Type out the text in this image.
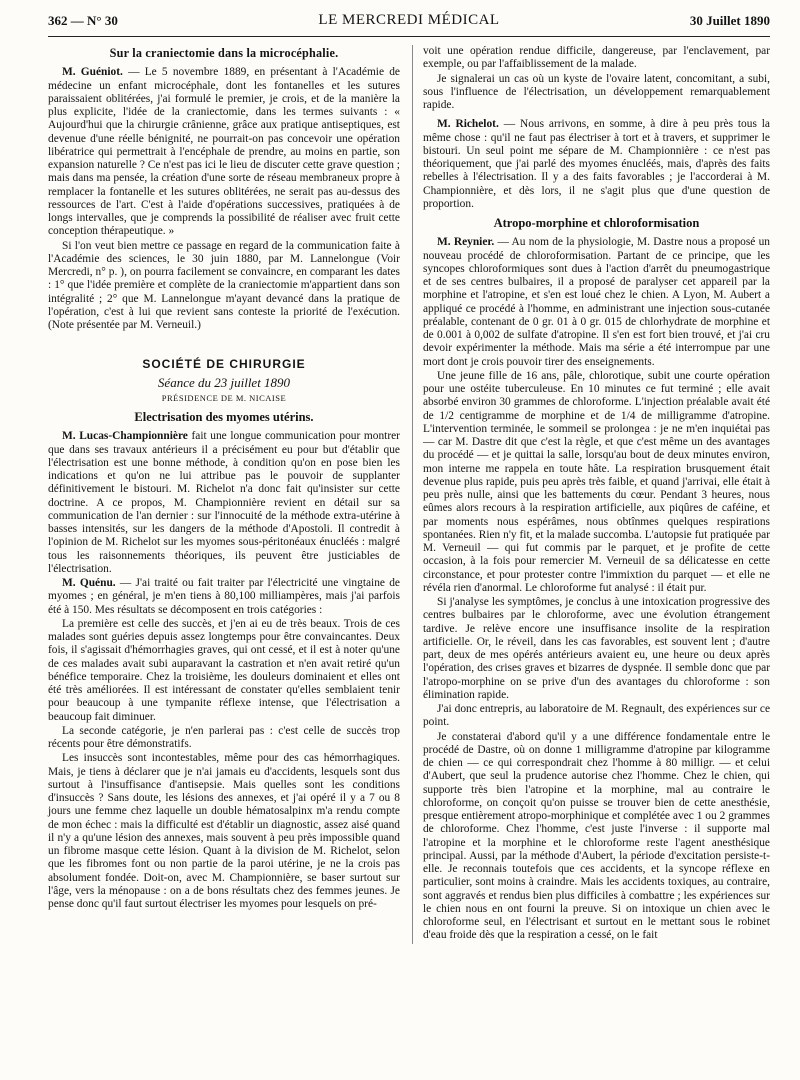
362 — N° 30	LE MERCREDI MÉDICAL	30 Juillet 1890
Sur la craniectomie dans la microcéphalie.

M. Guéniot. — Le 5 novembre 1889, en présentant à l'Académie de médecine un enfant microcéphale, dont les fontanelles et les sutures paraissaient oblitérées, j'ai formulé le premier, je crois, et de la manière la plus explicite, l'idée de la craniectomie, dans les termes suivants : « Aujourd'hui que la chirurgie crânienne, grâce aux pratique antiseptiques, est devenue d'une réelle bénignité, ne pourrait-on pas concevoir une opération libératrice qui permettrait à l'encéphale de prendre, au moins en partie, son expansion naturelle ? Ce n'est pas ici le lieu de discuter cette grave question ; mais dans ma pensée, la création d'une sorte de réseau membraneux propre à remplacer la fontanelle et les sutures oblitérées, ne serait pas au-dessus des ressources de l'art. C'est à l'aide d'opérations successives, pratiquées à de longs intervalles, que je comprends la possibilité de réaliser avec fruit cette conception thérapeutique. »

Si l'on veut bien mettre ce passage en regard de la communication faite à l'Académie des sciences, le 30 juin 1880, par M. Lannelongue (Voir Mercredi, n° p. ), on pourra facilement se convaincre, en comparant les dates : 1° que l'idée première et complète de la craniectomie m'appartient dans son intégralité ; 2° que M. Lannelongue m'ayant devancé dans la pratique de l'opération, c'est à lui que revient sans conteste la priorité de l'exécution. (Note présentée par M. Verneuil.)

SOCIÉTÉ DE CHIRURGIE
Séance du 23 juillet 1890
PRÉSIDENCE DE M. NICAISE
Electrisation des myomes utérins.

M. Lucas-Championnière fait une longue communication pour montrer que dans ses travaux antérieurs il a précisément eu pour but d'établir que l'électrisation est une bonne méthode, à condition qu'on en pose bien les indications et qu'on ne lui attribue pas le pouvoir de supplanter définitivement le bistouri. M. Richelot n'a donc fait qu'insister sur cette doctrine. A ce propos, M. Championnière revient en détail sur sa communication de l'an dernier : sur l'innocuité de la méthode extra-utérine à basses intensités, sur les dangers de la méthode d'Apostoli. Il contredit à l'opinion de M. Richelot sur les myomes sous-péritonéaux énucléés : malgré tous les raisonnements théoriques, ils peuvent être justiciables de l'électrisation.

M. Quénu. — J'ai traité ou fait traiter par l'électricité une vingtaine de myomes ; en général, je m'en tiens à 80,100 milliampères, mais j'ai parfois été à 150. Mes résultats se décomposent en trois catégories :

La première est celle des succès, et j'en ai eu de très beaux. Trois de ces malades sont guéries depuis assez longtemps pour être convaincantes. Deux fois, il s'agissait d'hémorrhagies graves, qui ont cessé, et il est à noter qu'une de ces malades avait subi auparavant la castration et n'en avait retiré qu'un bénéfice temporaire. Chez la troisième, les douleurs dominaient et elles ont été très améliorées. Il est intéressant de constater qu'elles semblaient tenir pour beaucoup à une tympanite réflexe intense, que l'électrisation a beaucoup fait diminuer.

La seconde catégorie, je n'en parlerai pas : c'est celle de succès trop récents pour être démonstratifs.

Les insuccès sont incontestables, même pour des cas hémorrhagiques. Mais, je tiens à déclarer que je n'ai jamais eu d'accidents, lesquels sont dus surtout à l'insuffisance d'antisepsie. Mais quelles sont les conditions d'insuccès ? Sans doute, les lésions des annexes, et j'ai opéré il y a 7 ou 8 jours une femme chez laquelle un double hématosalpinx m'a rendu compte de mon échec : mais la difficulté est d'établir un diagnostic, assez aisé quand il n'y a qu'une lésion des annexes, mais souvent à peu près impossible quand un fibrome masque cette lésion. Quant à la division de M. Richelot, selon que les fibromes font ou non partie de la paroi utérine, je ne la crois pas absolument fondée. Doit-on, avec M. Championnière, se baser surtout sur l'âge, vers la ménopause : on a de bons résultats chez des femmes jeunes. Je pense donc qu'il faut surtout électriser les myomes pour lesquels on pré-

voit une opération rendue difficile, dangereuse, par l'enclavement, par exemple, ou par l'affaiblissement de la malade.

Je signalerai un cas où un kyste de l'ovaire latent, concomitant, a subi, sous l'influence de l'électrisation, un développement remarquablement rapide.

M. Richelot. — Nous arrivons, en somme, à dire à peu près tous la même chose : qu'il ne faut pas électriser à tort et à travers, et supprimer le bistouri. Un seul point me sépare de M. Championnière : ce n'est pas théoriquement, que j'ai parlé des myomes énucléés, mais, d'après des faits rebelles à l'électrisation. Il y a des faits favorables ; je l'accorderai à M. Championnière, et dès lors, il ne s'agit plus que d'une question de proportion.

Atropo-morphine et chloroformisation

M. Reynier. — Au nom de la physiologie, M. Dastre nous a proposé un nouveau procédé de chloroformisation. Partant de ce principe, que les syncopes chloroformiques sont dues à l'action d'arrêt du pneumogastrique et de ses centres bulbaires, il a proposé de paralyser cet appareil par la morphine et l'atropine, et s'en est loué chez le chien. A Lyon, M. Aubert a appliqué ce procédé à l'homme, en administrant une injection sous-cutanée préalable, contenant de 0 gr. 01 à 0 gr. 015 de chlorhydrate de morphine et de 0.001 à 0,002 de sulfate d'atropine. Il s'en est fort bien trouvé, et j'ai cru devoir expérimenter la méthode. Mais ma série a été interrompue par une mort dont je crois pouvoir tirer des enseignements.

Une jeune fille de 16 ans, pâle, chlorotique, subit une courte opération pour une ostéite tuberculeuse. En 10 minutes ce fut terminé ; elle avait absorbé environ 30 grammes de chloroforme. L'injection préalable avait été de 1/2 centigramme de morphine et de 1/4 de milligramme d'atropine. L'intervention terminée, le sommeil se prolongea : je ne m'en inquiétai pas — car M. Dastre dit que c'est la règle, et que c'est même un des avantages du procédé — et je quittai la salle, lorsqu'au bout de deux minutes environ, mon interne me rappela en toute hâte. La respiration brusquement était devenue plus rapide, puis peu après très faible, et quand j'arrivai, elle était à peu près nulle, ainsi que les battements du cœur. Pendant 3 heures, nous eûmes alors recours à la respiration artificielle, aux piqûres de caféine, et par moments nous espérâmes, nous obtînmes quelques respirations spontanées. Rien n'y fit, et la malade succomba. L'autopsie fut pratiquée par M. Verneuil — qui fut commis par le parquet, et je profite de cette occasion, à la fois pour remercier M. Verneuil de sa délicatesse en cette circonstance, et pour protester contre l'immixtion du parquet — et elle ne révéla rien d'anormal. Le chloroforme fut analysé : il était pur.

Si j'analyse les symptômes, je conclus à une intoxication progressive des centres bulbaires par le chloroforme, avec une évolution étrangement tardive. Je relève encore une insuffisance insolite de la respiration artificielle. Or, le réveil, dans les cas favorables, est souvent lent ; d'autre part, deux de mes opérés antérieurs avaient eu, une heure ou deux après l'opération, des crises graves et bizarres de dyspnée. Il semble donc que par l'atropo-morphine on se prive d'un des avantages du chloroforme : son élimination rapide.

J'ai donc entrepris, au laboratoire de M. Regnault, des expériences sur ce point.

Je constaterai d'abord qu'il y a une différence fondamentale entre le procédé de Dastre, où on donne 1 milligramme d'atropine par kilogramme de chien — ce qui correspondrait chez l'homme à 80 milligr. — et celui d'Aubert, que seul la prudence autorise chez l'homme. Chez le chien, qui supporte très bien l'atropine et la morphine, mal au contraire le chloroforme, on conçoit qu'on puisse se trouver bien de cette anesthésie, presque entièrement atropo-morphinique et complétée avec 1 ou 2 grammes de chloroforme. Chez l'homme, c'est juste l'inverse : il supporte mal l'atropine et la morphine et le chloroforme reste l'agent anesthésique principal. Aussi, par la méthode d'Aubert, la période d'excitation persiste-t-elle. Je reconnais toutefois que ces accidents, et la syncope réflexe en particulier, sont moins à craindre. Mais les accidents toxiques, au contraire, sont aggravés et rendus bien plus difficiles à combattre ; les expériences sur le chien nous en ont fourni la preuve. Si on intoxique un chien avec le chloroforme seul, en l'électrisant et surtout en le mettant sous le robinet d'eau froide dès que la respiration a cessé, on le fait
